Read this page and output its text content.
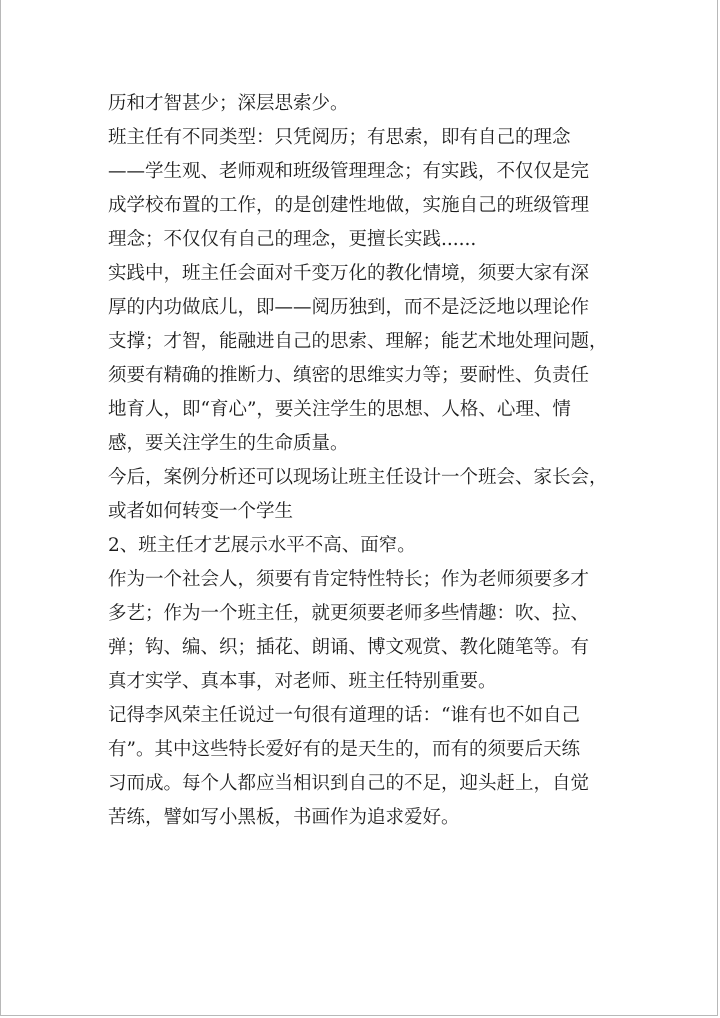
历和才智甚少；深层思索少。
班主任有不同类型：只凭阅历；有思索，即有自己的理念
——学生观、老师观和班级管理理念；有实践，不仅仅是完
成学校布置的工作，的是创建性地做，实施自己的班级管理
理念；不仅仅有自己的理念，更擅长实践......
实践中，班主任会面对千变万化的教化情境，须要大家有深
厚的内功做底儿，即——阅历独到，而不是泛泛地以理论作
支撑；才智，能融进自己的思索、理解；能艺术地处理问题，
须要有精确的推断力、缜密的思维实力等；要耐性、负责任
地育人，即“育心”，要关注学生的思想、人格、心理、情
感，要关注学生的生命质量。
今后，案例分析还可以现场让班主任设计一个班会、家长会，
或者如何转变一个学生
2、班主任才艺展示水平不高、面窄。
作为一个社会人，须要有肯定特性特长；作为老师须要多才
多艺；作为一个班主任，就更须要老师多些情趣：吹、拉、
弹；钩、编、织；插花、朗诵、博文观赏、教化随笔等。有
真才实学、真本事，对老师、班主任特别重要。
记得李风荣主任说过一句很有道理的话：“谁有也不如自己
有”。其中这些特长爱好有的是天生的，而有的须要后天练
习而成。每个人都应当相识到自己的不足，迎头赶上，自觉
苦练，譬如写小黑板，书画作为追求爱好。
